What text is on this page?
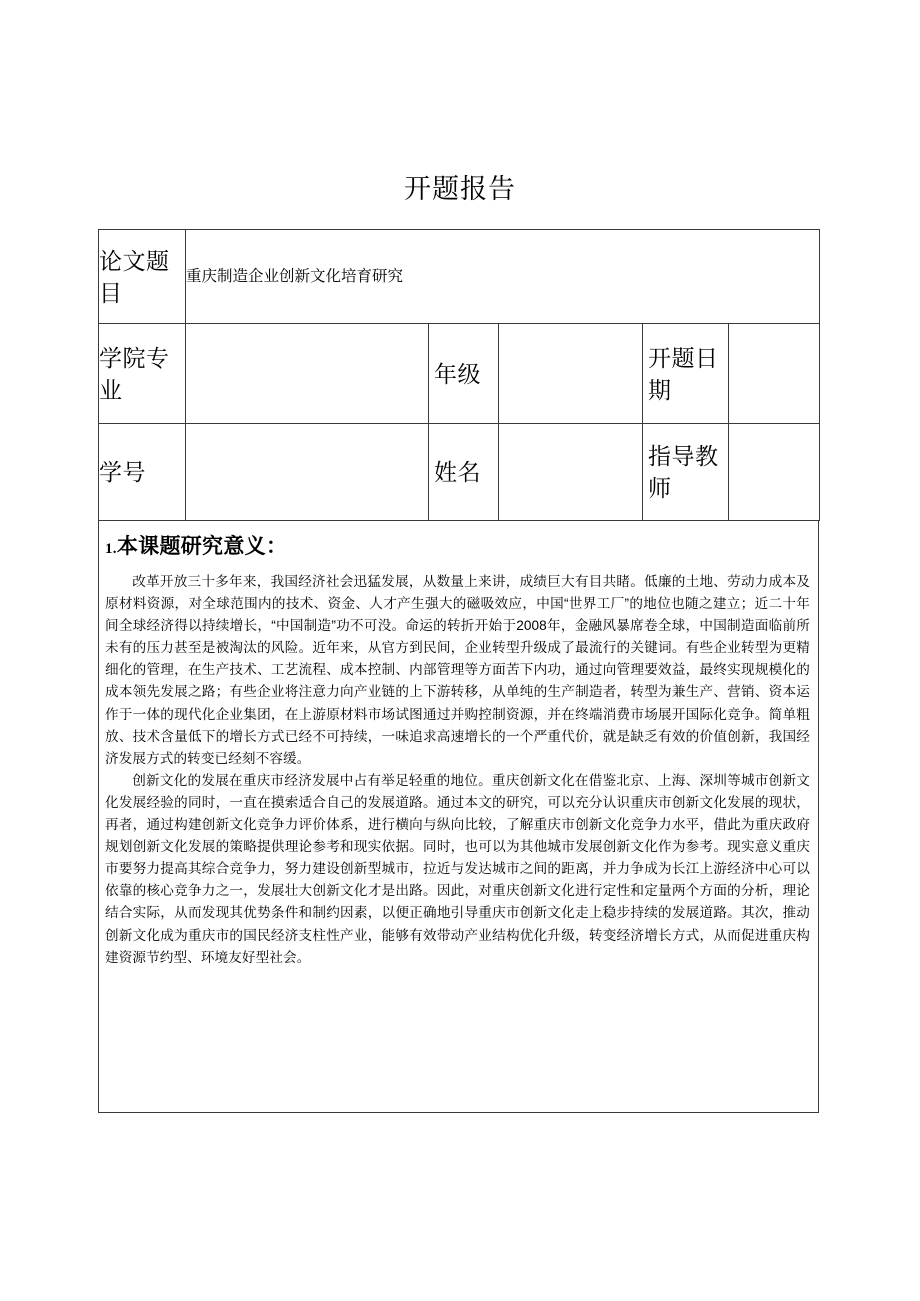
开题报告
论文题目	重庆制造企业创新文化培育研究				
学院专业		年级		开题日期	
学号		姓名		指导教师	
1.本课题研究意义：

改革开放三十多年来，我国经济社会迅猛发展，从数量上来讲，成绩巨大有目共睹。低廉的土地、劳动力成本及原材料资源，对全球范围内的技术、资金、人才产生强大的磁吸效应，中国“世界工厂”的地位也随之建立；近二十年间全球经济得以持续增长，“中国制造”功不可没。命运的转折开始于2008年，金融风暴席卷全球，中国制造面临前所未有的压力甚至是被淘汰的风险。近年来，从官方到民间，企业转型升级成了最流行的关键词。有些企业转型为更精细化的管理，在生产技术、工艺流程、成本控制、内部管理等方面苦下内功，通过向管理要效益，最终实现规模化的成本领先发展之路；有些企业将注意力向产业链的上下游转移，从单纯的生产制造者，转型为兼生产、营销、资本运作于一体的现代化企业集团，在上游原材料市场试图通过并购控制资源，并在终端消费市场展开国际化竞争。简单粗放、技术含量低下的增长方式已经不可持续，一味追求高速增长的一个严重代价，就是缺乏有效的价值创新，我国经济发展方式的转变已经刻不容缓。

创新文化的发展在重庆市经济发展中占有举足轻重的地位。重庆创新文化在借鉴北京、上海、深圳等城市创新文化发展经验的同时，一直在摸索适合自己的发展道路。通过本文的研究，可以充分认识重庆市创新文化发展的现状，再者，通过构建创新文化竞争力评价体系，进行横向与纵向比较，了解重庆市创新文化竞争力水平，借此为重庆政府规划创新文化发展的策略提供理论参考和现实依据。同时，也可以为其他城市发展创新文化作为参考。现实意义重庆市要努力提高其综合竞争力，努力建设创新型城市，拉近与发达城市之间的距离，并力争成为长江上游经济中心可以依靠的核心竞争力之一，发展壮大创新文化才是出路。因此，对重庆创新文化进行定性和定量两个方面的分析，理论结合实际，从而发现其优势条件和制约因素，以便正确地引导重庆市创新文化走上稳步持续的发展道路。其次，推动创新文化成为重庆市的国民经济支柱性产业，能够有效带动产业结构优化升级，转变经济增长方式，从而促进重庆构建资源节约型、环境友好型社会。
